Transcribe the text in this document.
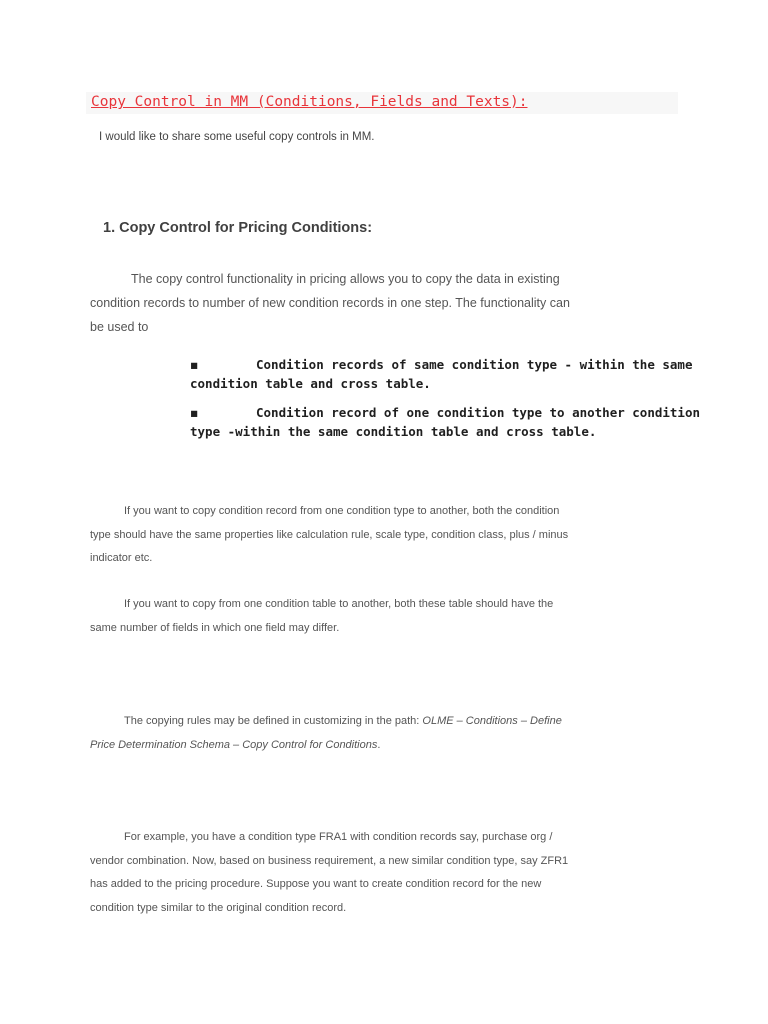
Copy Control in MM (Conditions, Fields and Texts):
I would like to share some useful copy controls in MM.
1. Copy Control for Pricing Conditions:

The copy control functionality in pricing allows you to copy the data in existing
condition records to number of new condition records in one step. The functionality can
be used to

▪	Condition records of same condition type - within the same
condition table and cross table.
▪	Condition record of one condition type to another condition
type -within the same condition table and cross table.

If you want to copy condition record from one condition type to another, both the condition
type should have the same properties like calculation rule, scale type, condition class, plus / minus
indicator etc.

If you want to copy from one condition table to another, both these table should have the
same number of fields in which one field may differ.

The copying rules may be defined in customizing in the path: OLME – Conditions – Define
Price Determination Schema – Copy Control for Conditions.

For example, you have a condition type FRA1 with condition records say, purchase org /
vendor combination. Now, based on business requirement, a new similar condition type, say ZFR1
has added to the pricing procedure. Suppose you want to create condition record for the new
condition type similar to the original condition record.
